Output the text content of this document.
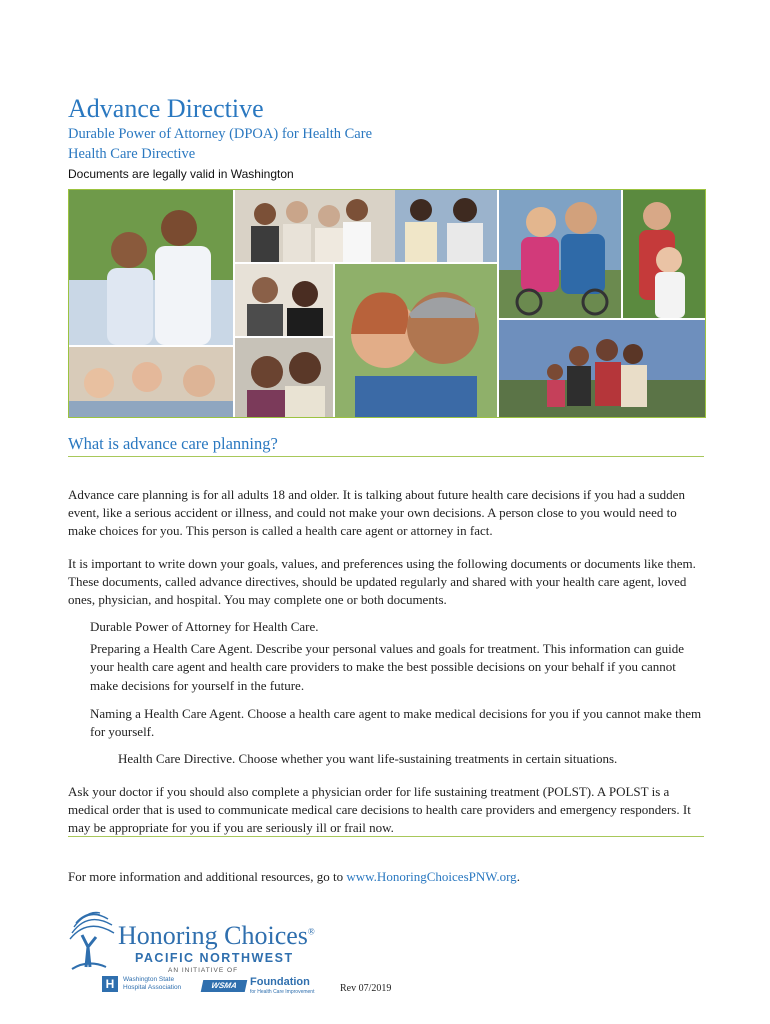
Advance Directive
Durable Power of Attorney (DPOA) for Health Care
Health Care Directive
Documents are legally valid in Washington
What is advance care planning?

Advance care planning is for all adults 18 and older. It is talking about future health care decisions if you had a sudden event, like a serious accident or illness, and could not make your own decisions. A person close to you would need to make choices for you. This person is called a health care agent or attorney in fact.

It is important to write down your goals, values, and preferences using the following documents or documents like them. These documents, called advance directives, should be updated regularly and shared with your health care agent, loved ones, physician, and hospital. You may complete one or both documents.

Durable Power of Attorney for Health Care.
Preparing a Health Care Agent. Describe your personal values and goals for treatment. This information can guide your health care agent and health care providers to make the best possible decisions on your behalf if you cannot make decisions for yourself in the future.
Naming a Health Care Agent. Choose a health care agent to make medical decisions for you if you cannot make them for yourself.
Health Care Directive. Choose whether you want life-sustaining treatments in certain situations.

Ask your doctor if you should also complete a physician order for life sustaining treatment (POLST). A POLST is a medical order that is used to communicate medical care decisions to health care providers and emergency responders. It may be appropriate for you if you are seriously ill or frail now.

For more information and additional resources, go to www.HonoringChoicesPNW.org.
Honoring Choices®
PACIFIC NORTHWEST
AN INITIATIVE OF
H	Washington State
Hospital Association	WSMA	Foundation
for Health Care Improvement	Rev 07/2019
